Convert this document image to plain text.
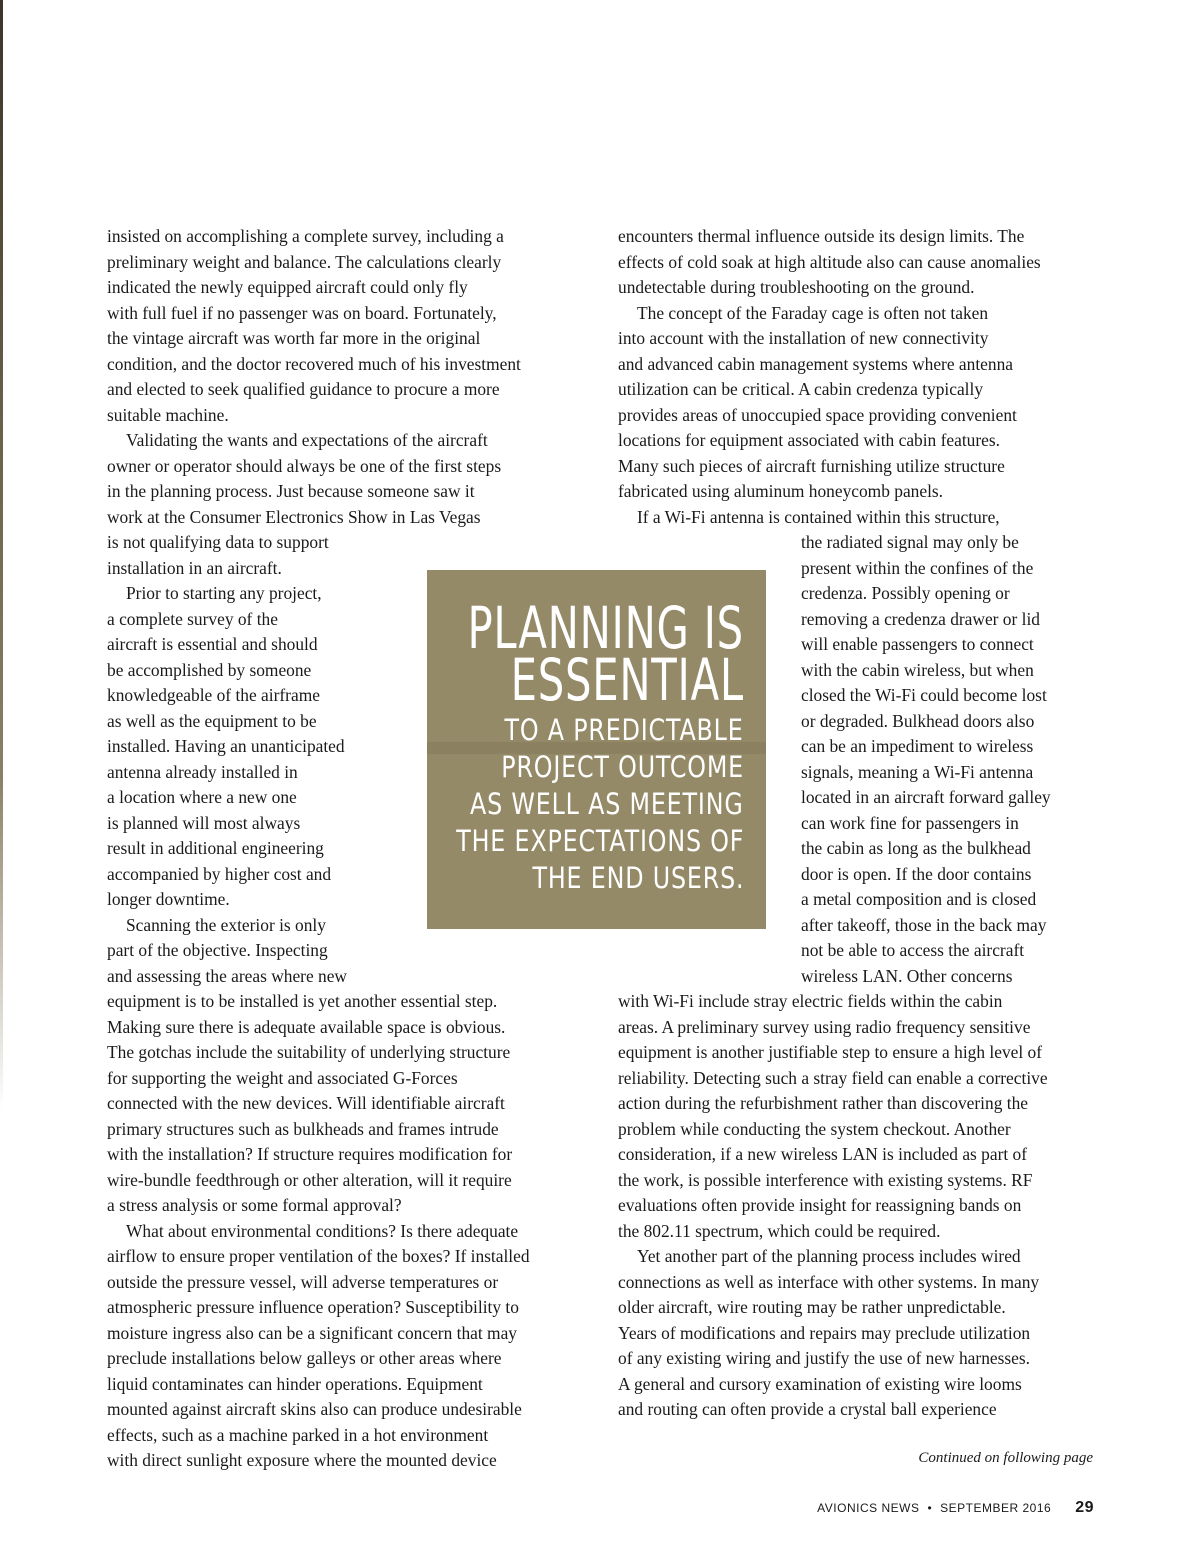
insisted on accomplishing a complete survey, including a
preliminary weight and balance. The calculations clearly
indicated the newly equipped aircraft could only fly
with full fuel if no passenger was on board. Fortunately,
the vintage aircraft was worth far more in the original
condition, and the doctor recovered much of his investment
and elected to seek qualified guidance to procure a more
suitable machine.
Validating the wants and expectations of the aircraft
owner or operator should always be one of the first steps
in the planning process. Just because someone saw it
work at the Consumer Electronics Show in Las Vegas
is not qualifying data to support
installation in an aircraft.
Prior to starting any project,
a complete survey of the
aircraft is essential and should
be accomplished by someone
knowledgeable of the airframe
as well as the equipment to be
installed. Having an unanticipated
antenna already installed in
a location where a new one
is planned will most always
result in additional engineering
accompanied by higher cost and
longer downtime.
Scanning the exterior is only
part of the objective. Inspecting
and assessing the areas where new
equipment is to be installed is yet another essential step.
Making sure there is adequate available space is obvious.
The gotchas include the suitability of underlying structure
for supporting the weight and associated G-Forces
connected with the new devices. Will identifiable aircraft
primary structures such as bulkheads and frames intrude
with the installation? If structure requires modification for
wire-bundle feedthrough or other alteration, will it require
a stress analysis or some formal approval?
What about environmental conditions? Is there adequate
airflow to ensure proper ventilation of the boxes? If installed
outside the pressure vessel, will adverse temperatures or
atmospheric pressure influence operation? Susceptibility to
moisture ingress also can be a significant concern that may
preclude installations below galleys or other areas where
liquid contaminates can hinder operations. Equipment
mounted against aircraft skins also can produce undesirable
effects, such as a machine parked in a hot environment
with direct sunlight exposure where the mounted device
encounters thermal influence outside its design limits. The
effects of cold soak at high altitude also can cause anomalies
undetectable during troubleshooting on the ground.
The concept of the Faraday cage is often not taken
into account with the installation of new connectivity
and advanced cabin management systems where antenna
utilization can be critical. A cabin credenza typically
provides areas of unoccupied space providing convenient
locations for equipment associated with cabin features.
Many such pieces of aircraft furnishing utilize structure
fabricated using aluminum honeycomb panels.
If a Wi-Fi antenna is contained within this structure,
the radiated signal may only be
present within the confines of the
credenza. Possibly opening or
removing a credenza drawer or lid
will enable passengers to connect
with the cabin wireless, but when
closed the Wi-Fi could become lost
or degraded. Bulkhead doors also
can be an impediment to wireless
signals, meaning a Wi-Fi antenna
located in an aircraft forward galley
can work fine for passengers in
the cabin as long as the bulkhead
door is open. If the door contains
a metal composition and is closed
after takeoff, those in the back may
not be able to access the aircraft
wireless LAN. Other concerns
with Wi-Fi include stray electric fields within the cabin
areas. A preliminary survey using radio frequency sensitive
equipment is another justifiable step to ensure a high level of
reliability. Detecting such a stray field can enable a corrective
action during the refurbishment rather than discovering the
problem while conducting the system checkout. Another
consideration, if a new wireless LAN is included as part of
the work, is possible interference with existing systems. RF
evaluations often provide insight for reassigning bands on
the 802.11 spectrum, which could be required.
Yet another part of the planning process includes wired
connections as well as interface with other systems. In many
older aircraft, wire routing may be rather unpredictable.
Years of modifications and repairs may preclude utilization
of any existing wiring and justify the use of new harnesses.
A general and cursory examination of existing wire looms
and routing can often provide a crystal ball experience
PLANNING IS
ESSENTIAL
TO A PREDICTABLE
PROJECT OUTCOME
AS WELL AS MEETING
THE EXPECTATIONS OF
THE END USERS.
Continued on following page
AVIONICS NEWS • SEPTEMBER 2016 29
